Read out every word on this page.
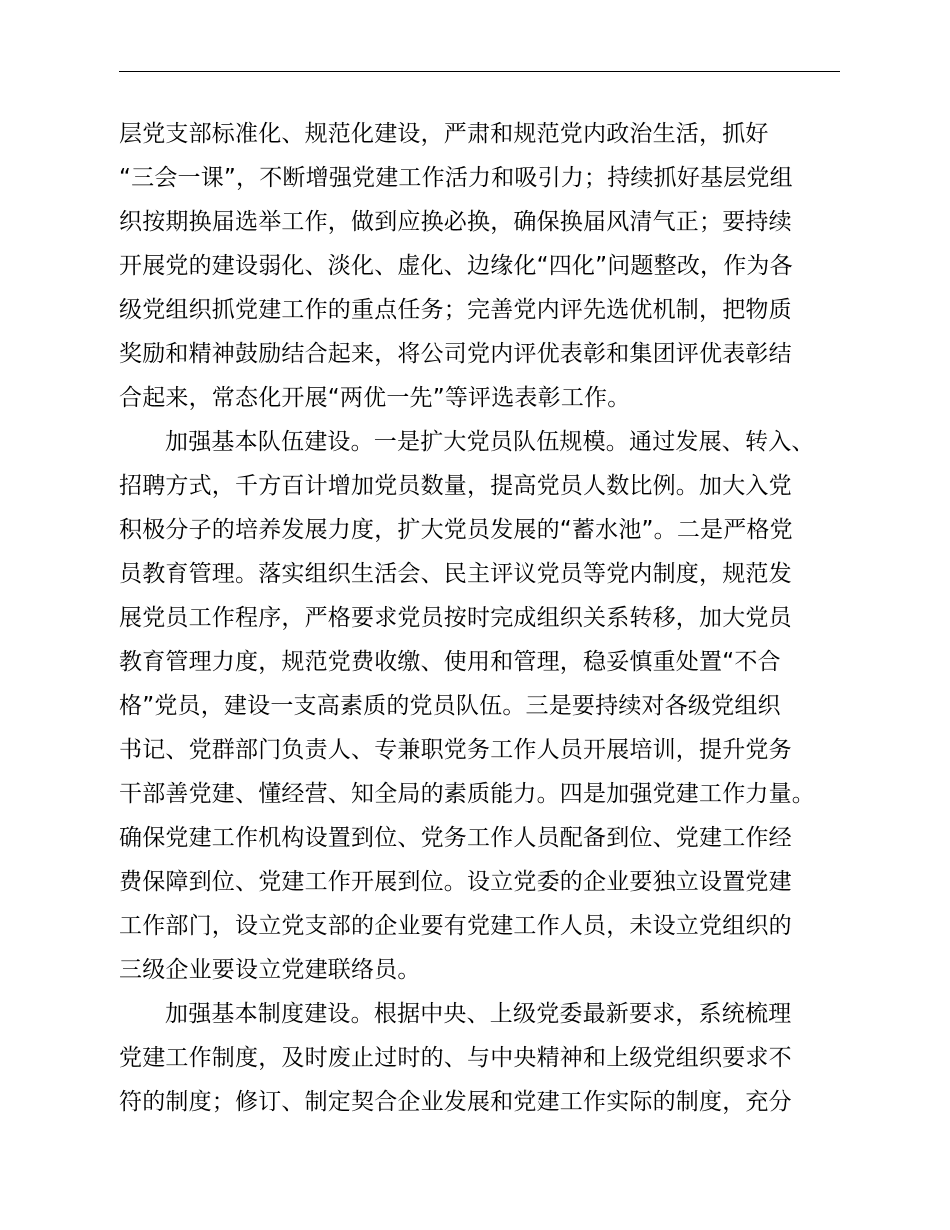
层党支部标准化、规范化建设，严肃和规范党内政治生活，抓好
“三会一课”，不断增强党建工作活力和吸引力；持续抓好基层党组
织按期换届选举工作，做到应换必换，确保换届风清气正；要持续
开展党的建设弱化、淡化、虚化、边缘化“四化”问题整改，作为各
级党组织抓党建工作的重点任务；完善党内评先选优机制，把物质
奖励和精神鼓励结合起来，将公司党内评优表彰和集团评优表彰结
合起来，常态化开展“两优一先”等评选表彰工作。
加强基本队伍建设。一是扩大党员队伍规模。通过发展、转入、
招聘方式，千方百计增加党员数量，提高党员人数比例。加大入党
积极分子的培养发展力度，扩大党员发展的“蓄水池”。二是严格党
员教育管理。落实组织生活会、民主评议党员等党内制度，规范发
展党员工作程序，严格要求党员按时完成组织关系转移，加大党员
教育管理力度，规范党费收缴、使用和管理，稳妥慎重处置“不合
格”党员，建设一支高素质的党员队伍。三是要持续对各级党组织
书记、党群部门负责人、专兼职党务工作人员开展培训，提升党务
干部善党建、懂经营、知全局的素质能力。四是加强党建工作力量。
确保党建工作机构设置到位、党务工作人员配备到位、党建工作经
费保障到位、党建工作开展到位。设立党委的企业要独立设置党建
工作部门，设立党支部的企业要有党建工作人员，未设立党组织的
三级企业要设立党建联络员。
加强基本制度建设。根据中央、上级党委最新要求，系统梳理
党建工作制度，及时废止过时的、与中央精神和上级党组织要求不
符的制度；修订、制定契合企业发展和党建工作实际的制度，充分
